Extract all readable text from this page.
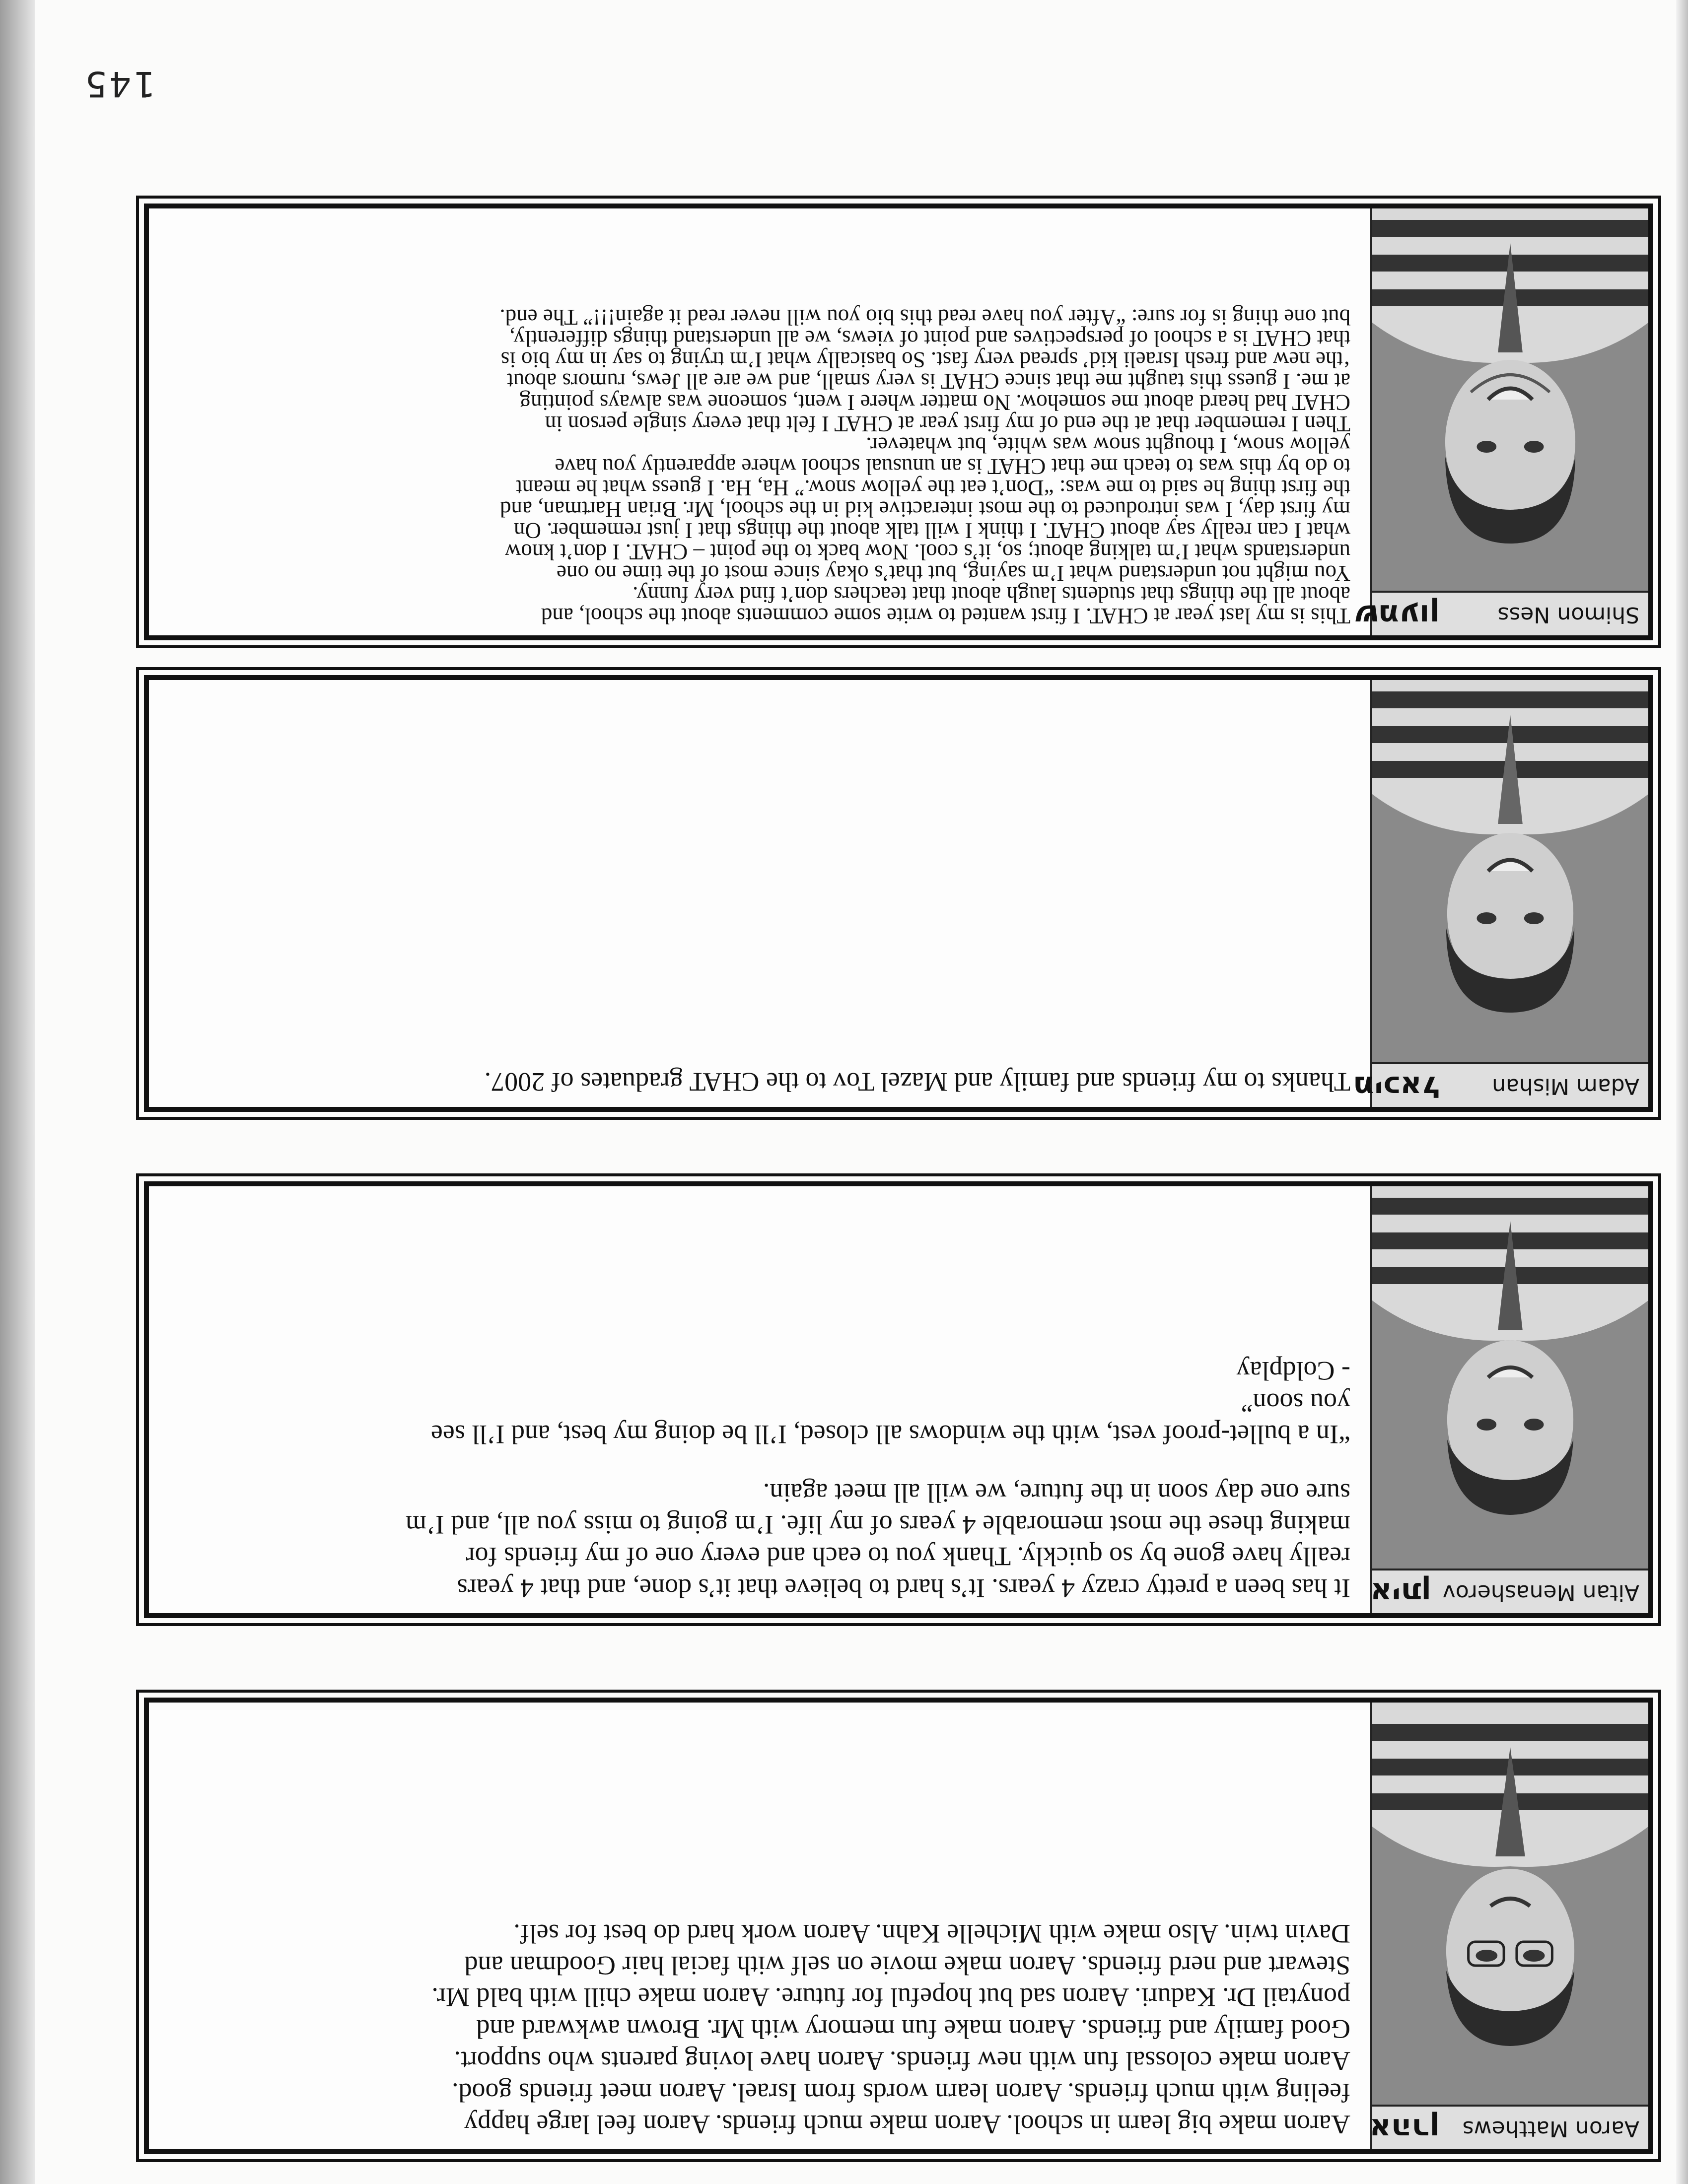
Aaron Matthews
אהרן

Aaron make big learn in school. Aaron make much friends. Aaron feel large happy
feeling with much friends. Aaron learn words from Israel. Aaron meet friends good.
Aaron make colossal fun with new friends. Aaron have loving parents who support.
Good family and friends. Aaron make fun memory with Mr. Brown awkward and
ponytail Dr. Kaduri. Aaron sad but hopeful for future. Aaron make chill with bald Mr.
Stewart and nerd friends. Aaron make movie on self with facial hair Goodman and
Davin twin. Also make with Michelle Kahn. Aaron work hard do best for self.

Aitan Menasherov
איתן

It has been a pretty crazy 4 years. It’s hard to believe that it’s done, and that 4 years
really have gone by so quickly. Thank you to each and every one of my friends for
making these the most memorable 4 years of my life. I’m going to miss you all, and I’m
sure one day soon in the future, we will all meet again.

“In a bullet-proof vest, with the windows all closed, I’ll be doing my best, and I’ll see
you soon”
- Coldplay

Adam Mishan
מיכאל

Thanks to my friends and family and Mazel Tov to the CHAT graduates of 2007.

Shimon Ness
שמעון

This is my last year at CHAT. I first wanted to write some comments about the school, and
about all the things that students laugh about that teachers don’t find very funny.
You might not understand what I’m saying, but that’s okay since most of the time no one
understands what I’m talking about; so, it’s cool. Now back to the point – CHAT. I don’t know
what I can really say about CHAT. I think I will talk about the things that I just remember. On
my first day, I was introduced to the most interactive kid in the school, Mr. Brian Hartman, and
the first thing he said to me was: “Don’t eat the yellow snow.” Ha, Ha. I guess what he meant
to do by this was to teach me that CHAT is an unusual school where apparently you have
yellow snow, I thought snow was white, but whatever.
Then I remember that at the end of my first year at CHAT I felt that every single person in
CHAT had heard about me somehow. No matter where I went, someone was always pointing
at me. I guess this taught me that since CHAT is very small, and we are all Jews, rumors about
‘the new and fresh Israeli kid’ spread very fast. So basically what I’m trying to say in my bio is
that CHAT is a school of perspectives and point of views, we all understand things differently,
but one thing is for sure: “After you have read this bio you will never read it again!!!” The end.

145
